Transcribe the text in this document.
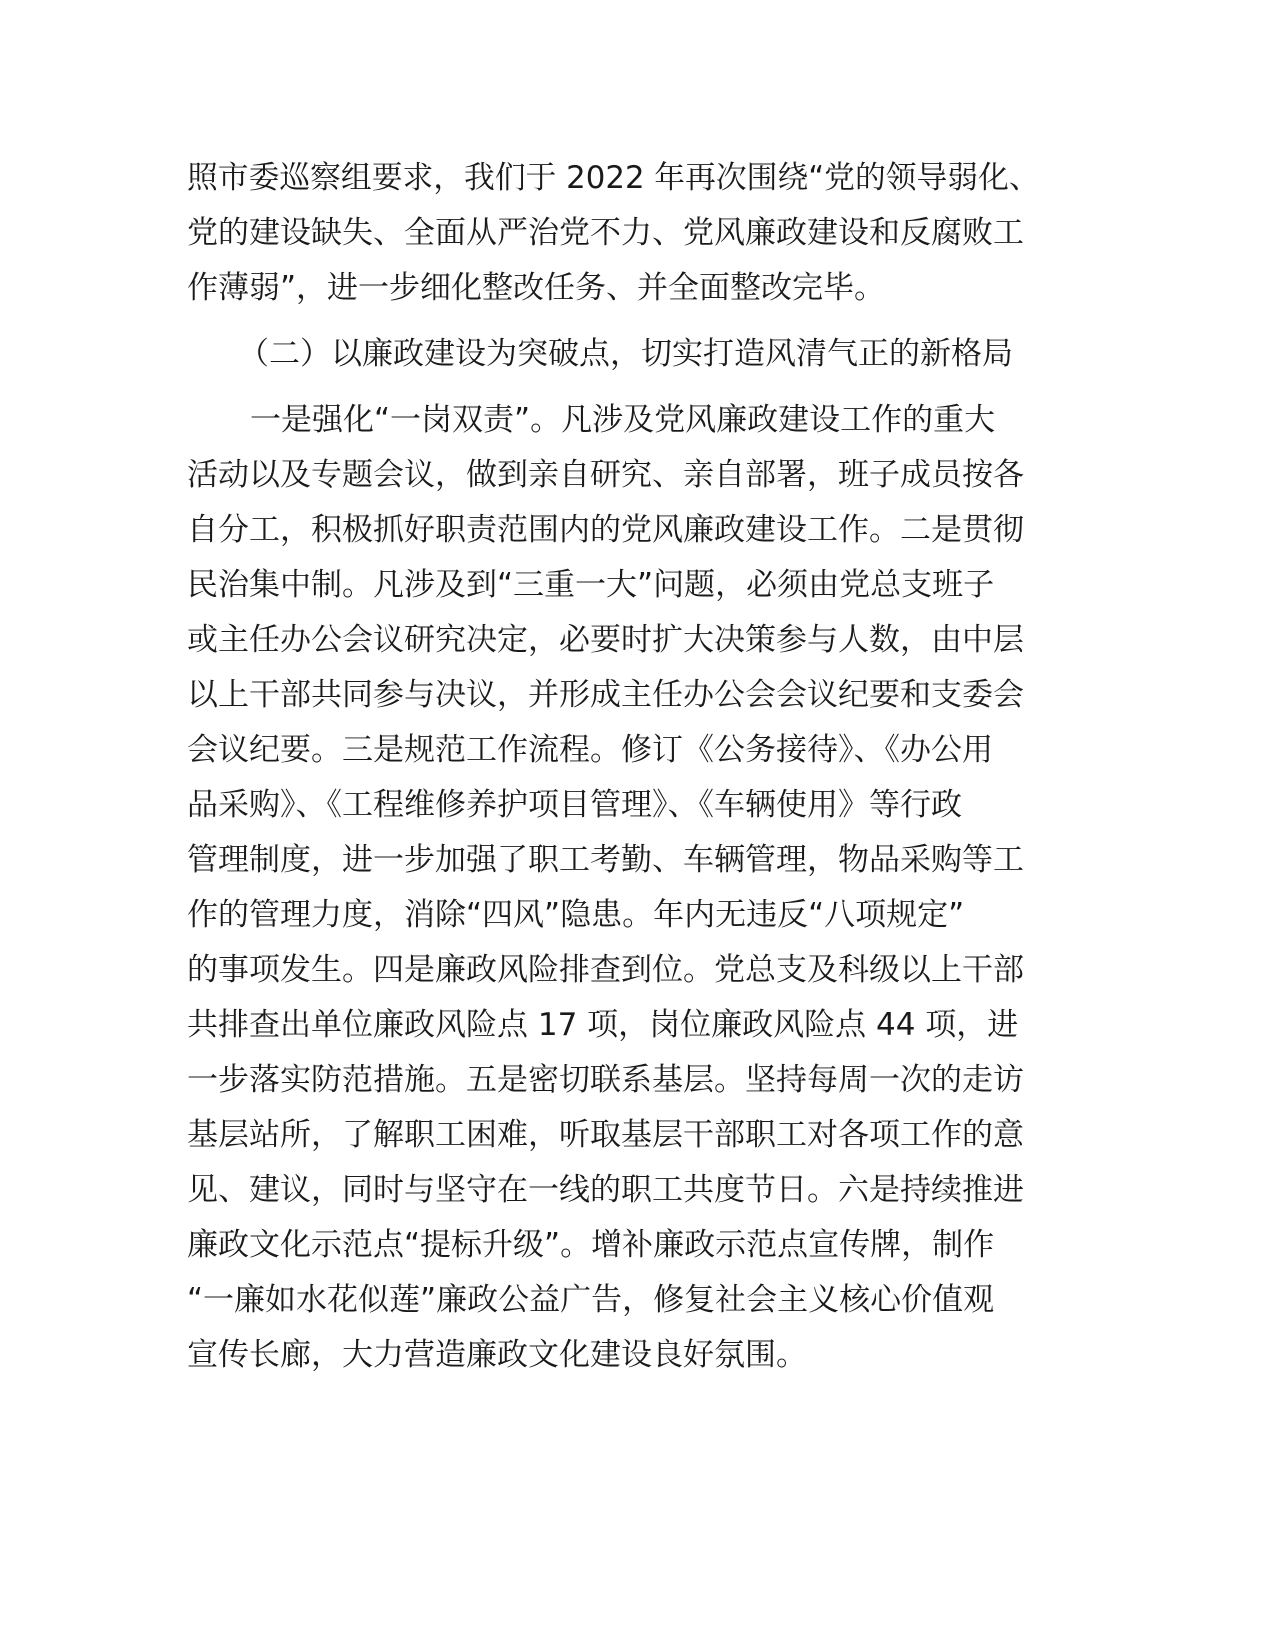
照市委巡察组要求，我们于 2022 年再次围绕“党的领导弱化、
党的建设缺失、全面从严治党不力、党风廉政建设和反腐败工
作薄弱”，进一步细化整改任务、并全面整改完毕。
（二）以廉政建设为突破点，切实打造风清气正的新格局
一是强化“一岗双责”。凡涉及党风廉政建设工作的重大
活动以及专题会议，做到亲自研究、亲自部署，班子成员按各
自分工，积极抓好职责范围内的党风廉政建设工作。二是贯彻
民治集中制。凡涉及到“三重一大”问题，必须由党总支班子
或主任办公会议研究决定，必要时扩大决策参与人数，由中层
以上干部共同参与决议，并形成主任办公会会议纪要和支委会
会议纪要。三是规范工作流程。修订《公务接待》、《办公用
品采购》、《工程维修养护项目管理》、《车辆使用》等行政
管理制度，进一步加强了职工考勤、车辆管理，物品采购等工
作的管理力度，消除“四风”隐患。年内无违反“八项规定”
的事项发生。四是廉政风险排查到位。党总支及科级以上干部
共排查出单位廉政风险点 17 项，岗位廉政风险点 44 项，进
一步落实防范措施。五是密切联系基层。坚持每周一次的走访
基层站所，了解职工困难，听取基层干部职工对各项工作的意
见、建议，同时与坚守在一线的职工共度节日。六是持续推进
廉政文化示范点“提标升级”。增补廉政示范点宣传牌，制作
“一廉如水花似莲”廉政公益广告，修复社会主义核心价值观
宣传长廊，大力营造廉政文化建设良好氛围。
